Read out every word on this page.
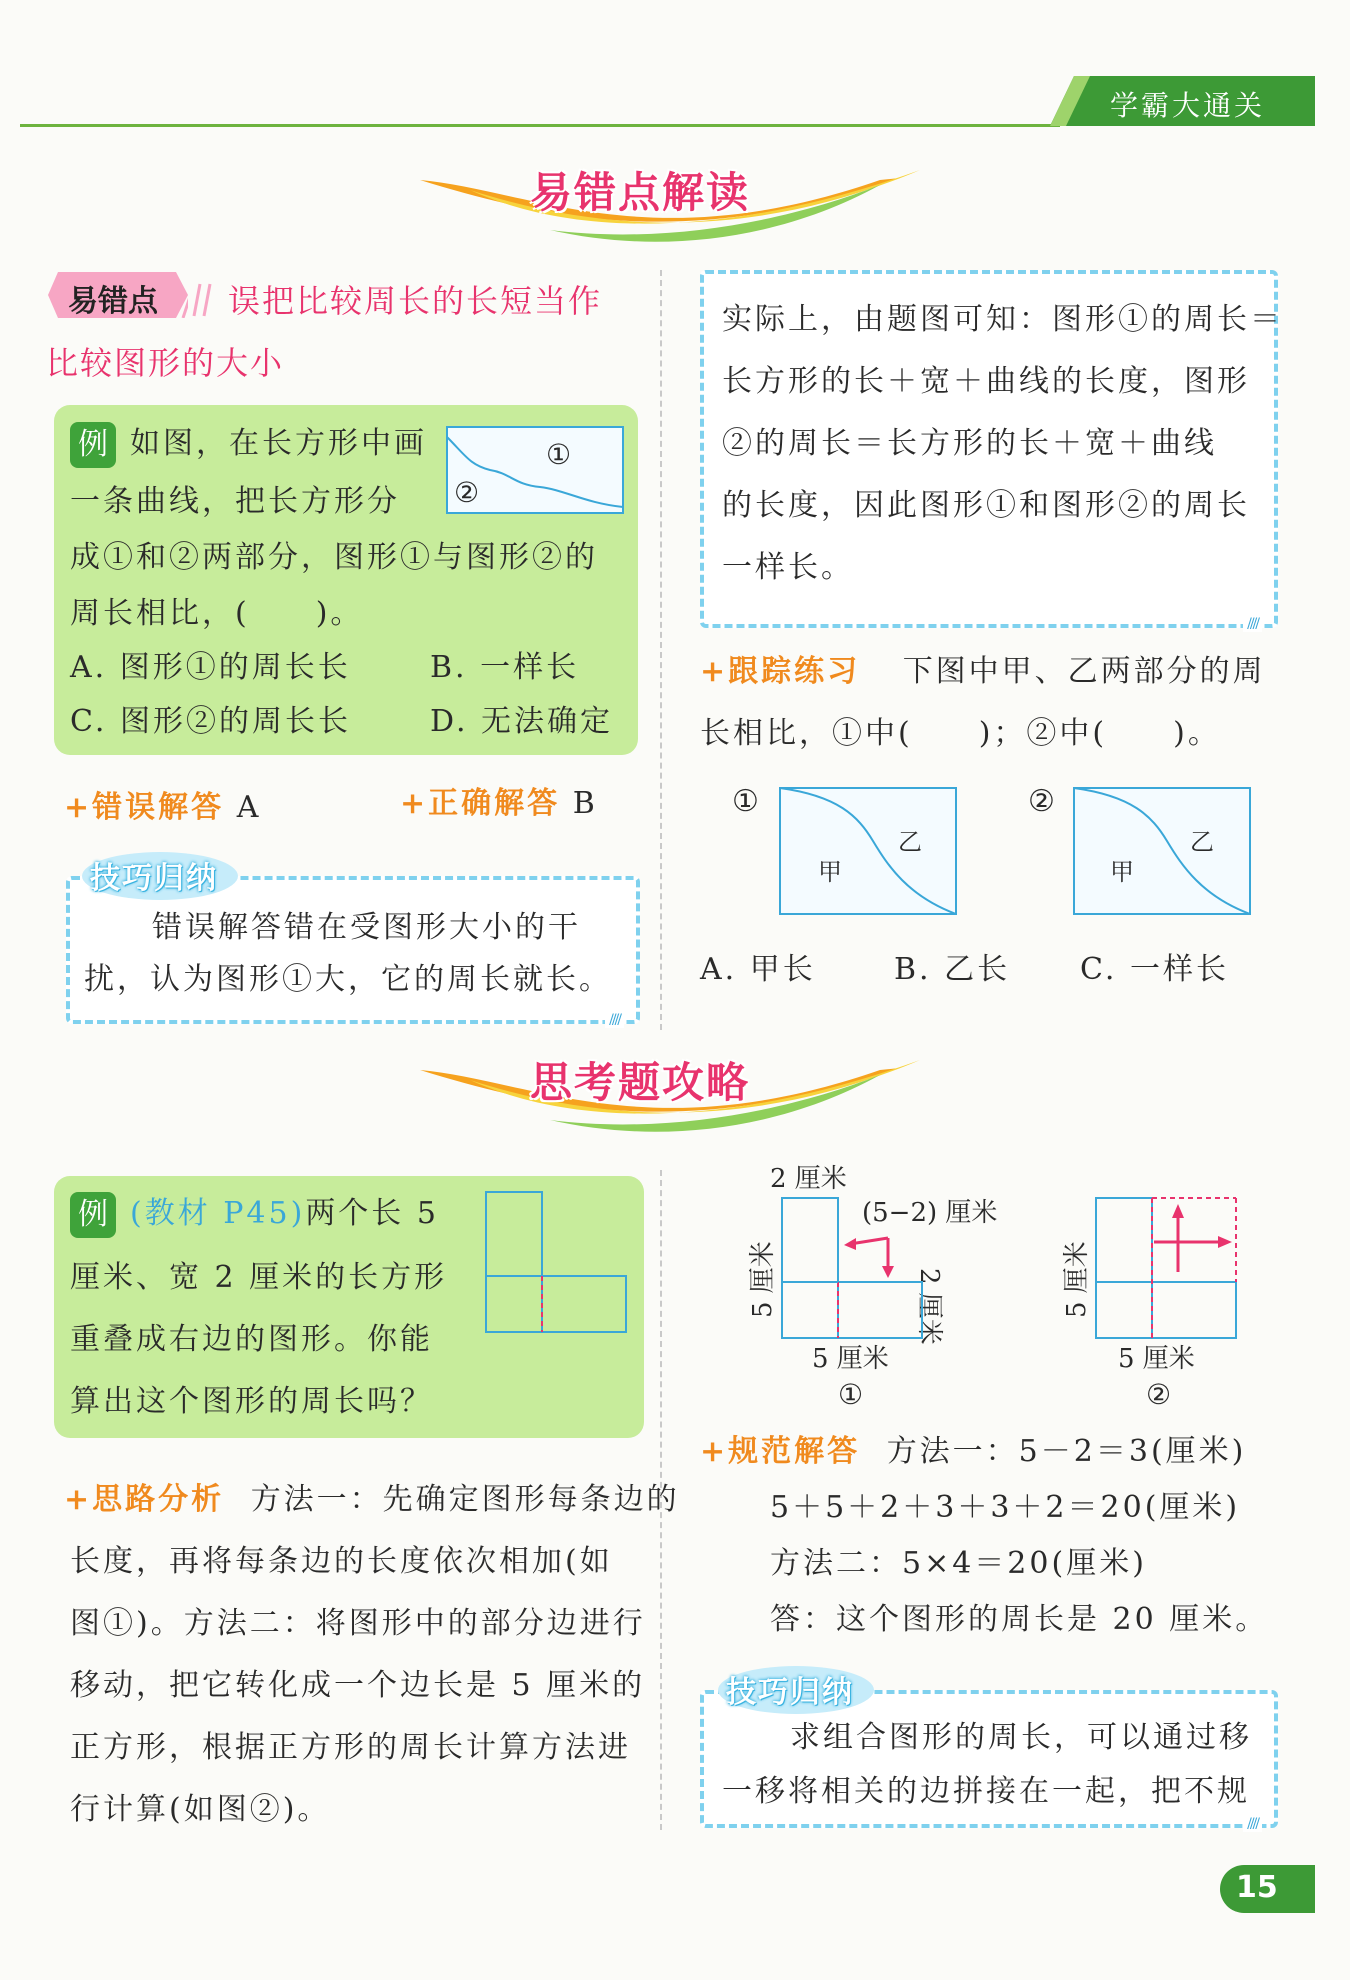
学霸大通关
易错点解读
易错点 误把比较周长的长短当作
比较图形的大小
例 如图，在长方形中画
一条曲线，把长方形分
成①和②两部分，图形①与图形②的
周长相比，(　　)。
①
②
A. 图形①的周长长	B. 一样长
C. 图形②的周长长	D. 无法确定
+错误解答 A	+正确解答 B
////
技巧归纳
错误解答错在受图形大小的干
扰，认为图形①大，它的周长就长。
////
实际上，由题图可知：图形①的周长＝
长方形的长＋宽＋曲线的长度，图形
②的周长＝长方形的长＋宽＋曲线
的长度，因此图形①和图形②的周长
一样长。
+跟踪练习 下图中甲、乙两部分的周
长相比，①中(　　)；②中(　　)。
①
甲
乙
②
甲
乙
A. 甲长	B. 乙长 C. 一样长
思考题攻略
例 (教材 P45)两个长 5
厘米、宽 2 厘米的长方形
重叠成右边的图形。你能
算出这个图形的周长吗？
2 厘米
(5−2) 厘米
5 厘米	2 厘米
5 厘米
①
5 厘米
5 厘米
②
+规范解答 方法一：5－2＝3(厘米)
5＋5＋2＋3＋3＋2＝20(厘米)
方法二：5×4＝20(厘米)
答：这个图形的周长是 20 厘米。
////
技巧归纳
求组合图形的周长，可以通过移
一移将相关的边拼接在一起，把不规
+思路分析 方法一：先确定图形每条边的
长度，再将每条边的长度依次相加(如
图①)。方法二：将图形中的部分边进行
移动，把它转化成一个边长是 5 厘米的
正方形，根据正方形的周长计算方法进
行计算(如图②)。
15
